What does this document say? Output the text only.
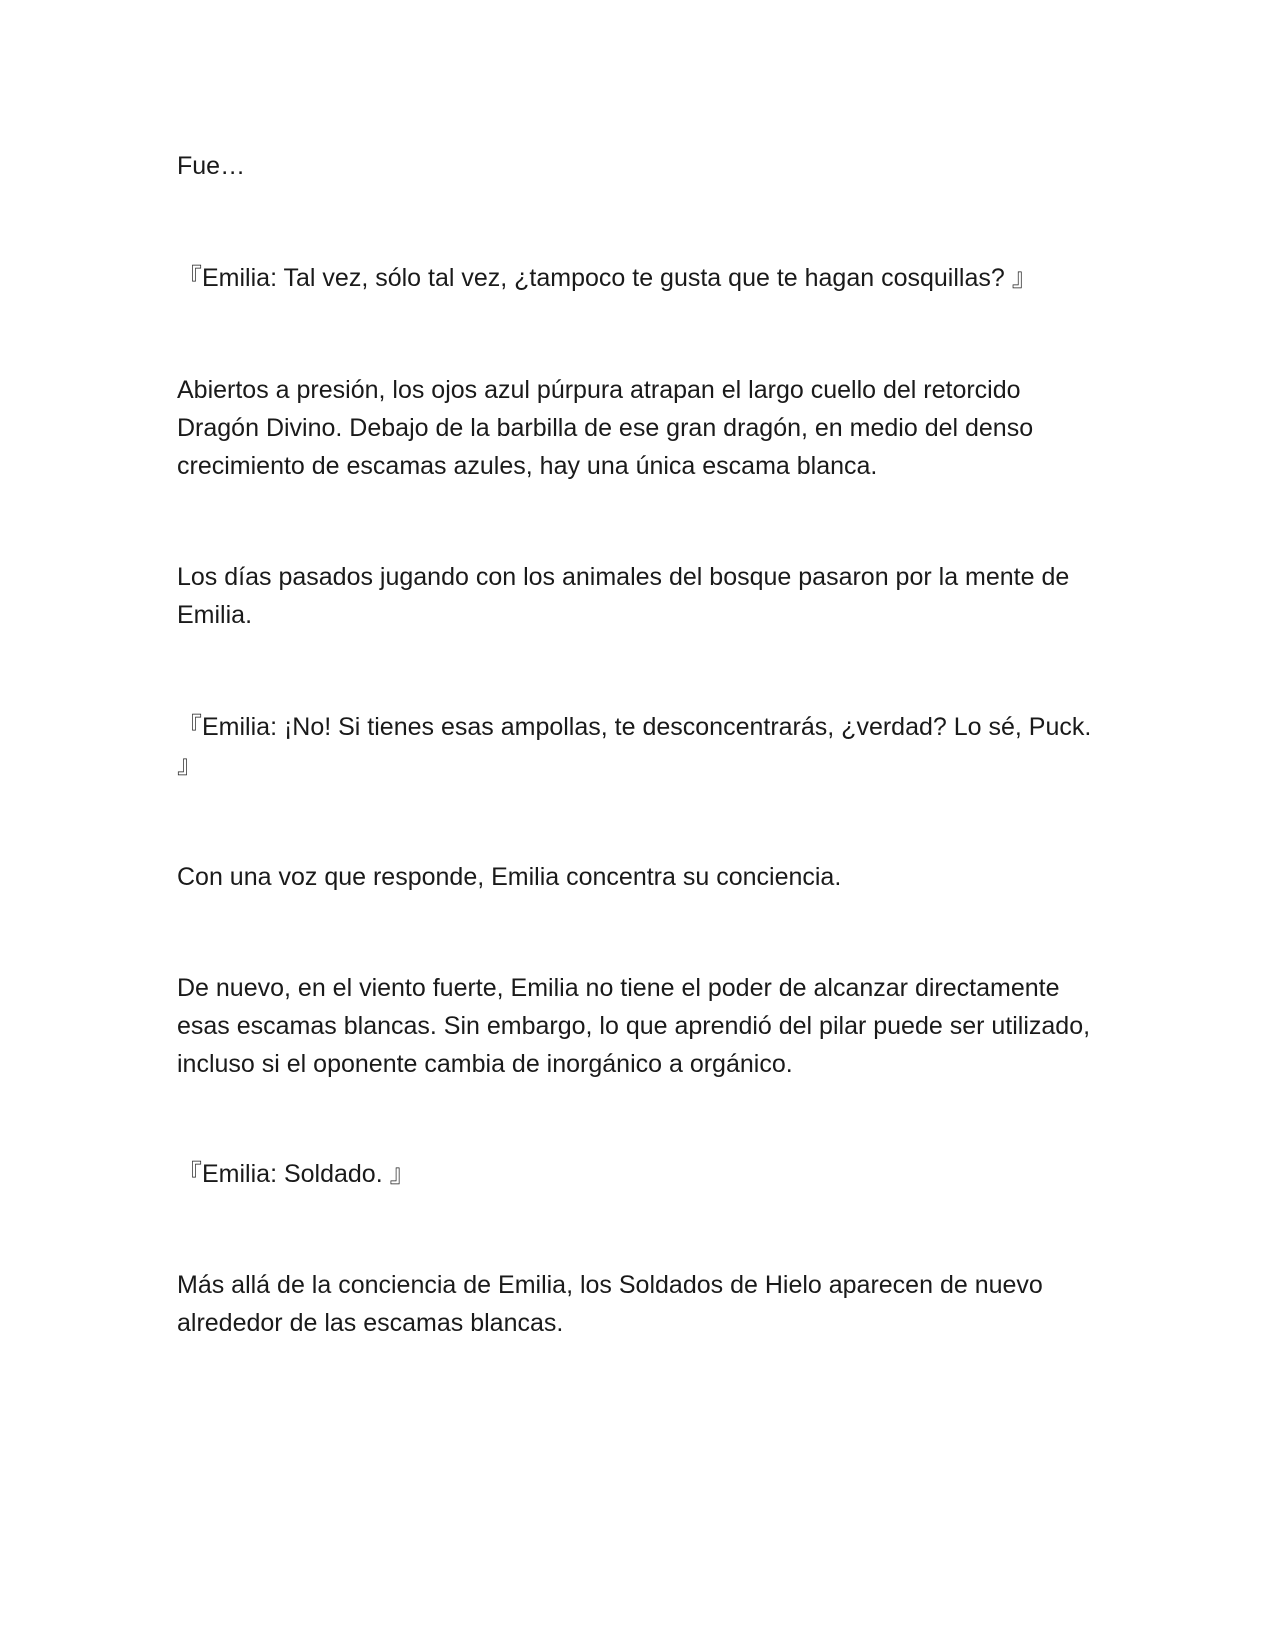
Fue…

『Emilia: Tal vez, sólo tal vez, ¿tampoco te gusta que te hagan cosquillas? 』

Abiertos a presión, los ojos azul púrpura atrapan el largo cuello del retorcido Dragón Divino. Debajo de la barbilla de ese gran dragón, en medio del denso crecimiento de escamas azules, hay una única escama blanca.

Los días pasados jugando con los animales del bosque pasaron por la mente de Emilia.

『Emilia: ¡No! Si tienes esas ampollas, te desconcentrarás, ¿verdad? Lo sé, Puck. 』

Con una voz que responde, Emilia concentra su conciencia.

De nuevo, en el viento fuerte, Emilia no tiene el poder de alcanzar directamente esas escamas blancas. Sin embargo, lo que aprendió del pilar puede ser utilizado, incluso si el oponente cambia de inorgánico a orgánico.

『Emilia: Soldado. 』

Más allá de la conciencia de Emilia, los Soldados de Hielo aparecen de nuevo alrededor de las escamas blancas.
